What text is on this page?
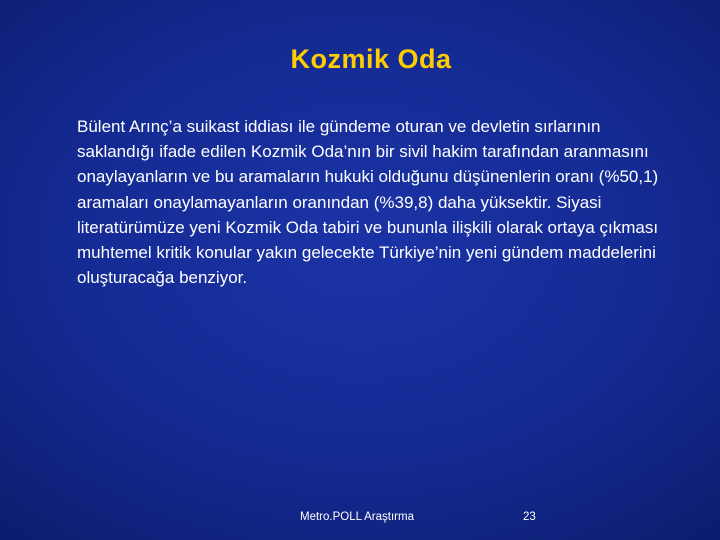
Kozmik Oda

Bülent Arınç’a suikast iddiası ile gündeme oturan ve devletin sırlarının saklandığı ifade edilen Kozmik Oda’nın bir sivil hakim tarafından aranmasını onaylayanların ve bu aramaların hukuki olduğunu düşünenlerin oranı (%50,1) aramaları onaylamayanların oranından (%39,8) daha yüksektir. Siyasi literatürümüze yeni Kozmik Oda tabiri ve bununla ilişkili olarak ortaya çıkması muhtemel kritik konular yakın gelecekte Türkiye’nin yeni gündem maddelerini oluşturacağa benziyor.

Metro.POLL Araştırma	23
